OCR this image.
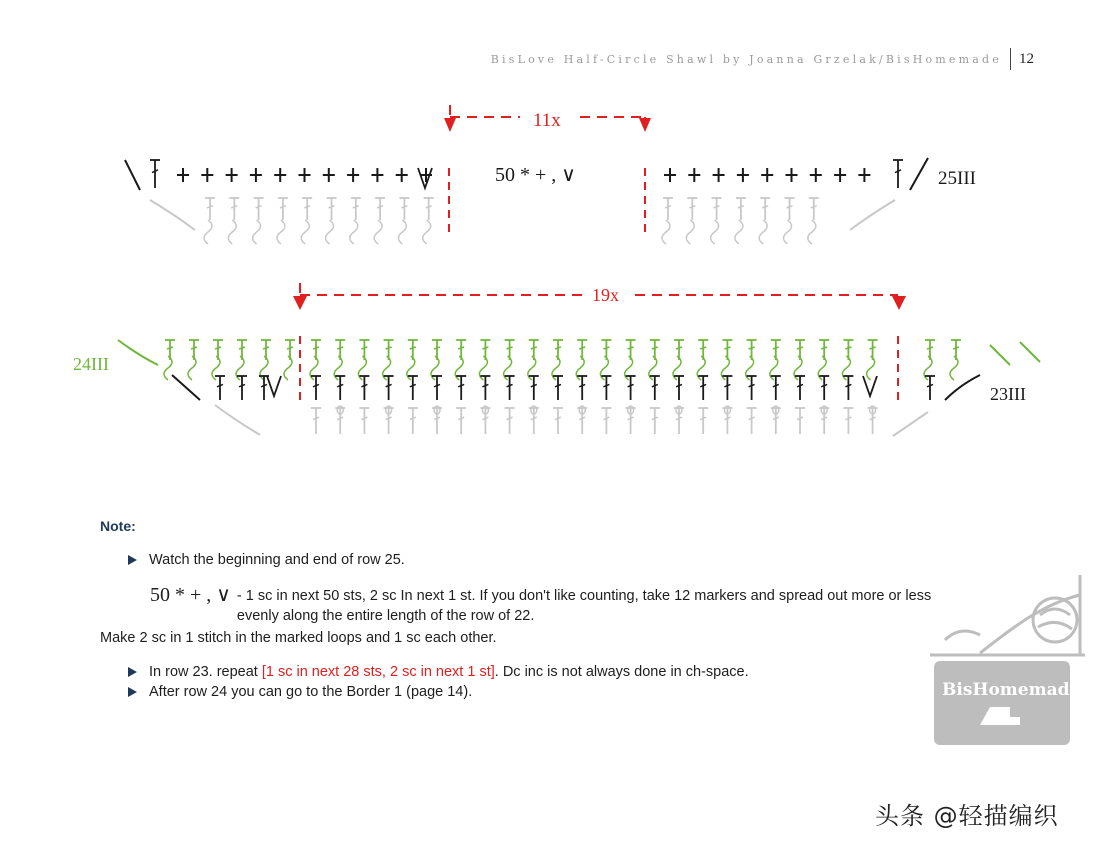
BisLove Half-Circle Shawl by Joanna Grzelak/BisHomemade 12
11x
50 * + , ∨	25III
19x
24III
23III
Note:
Watch the beginning and end of row 25.
50 * + , ∨ - 1 sc in next 50 sts, 2 sc In next 1 st. If you don't like counting, take 12 markers and spread out more or less
evenly along the entire length of the row of 22.
Make 2 sc in 1 stitch in the marked loops and 1 sc each other.
In row 23. repeat [1 sc in next 28 sts, 2 sc in next 1 st]. Dc inc is not always done in ch-space.
After row 24 you can go to the Border 1 (page 14).	BisHomemade
头条 @轻描编织
